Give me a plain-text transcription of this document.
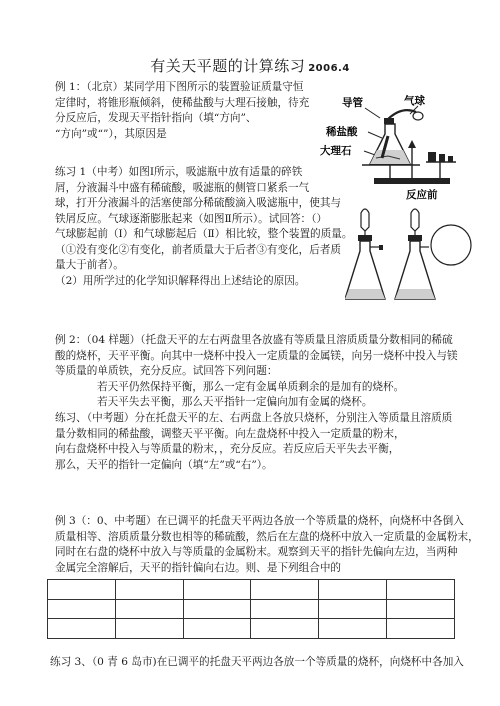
有关天平题的计算练习 2006.4
例 1：（北京）某同学用下图所示的装置验证质量守恒
定律时，将锥形瓶倾斜，使稀盐酸与大理石接触，待充
分反应后，发现天平指针指向（填“方向”、
“方向”或“”），其原因是
导管	气球
稀盐酸
大理石
反应前
练习 1（中考）如图Ⅰ所示，吸滤瓶中放有适量的碎铁
屑，分液漏斗中盛有稀硫酸，吸滤瓶的侧管口紧系一气
球，打开分液漏斗的活塞使部分稀硫酸滴入吸滤瓶中，使其与
铁屑反应。气球逐渐膨胀起来（如图Ⅱ所示）。试回答：（）
气球膨起前（Ⅰ）和气球膨起后（Ⅱ）相比较，整个装置的质量。
（①没有变化②有变化，前者质量大于后者③有变化，后者质
量大于前者）。
（2）用所学过的化学知识解释得出上述结论的原因。
例 2：（04 样题）（托盘天平的左右两盘里各放盛有等质量且溶质质量分数相同的稀硫
酸的烧杯，天平平衡。向其中一烧杯中投入一定质量的金属镁，向另一烧杯中投入与镁
等质量的单质铁，充分反应。试回答下列问题：
若天平仍然保持平衡，那么一定有金属单质剩余的是加有的烧杯。
若天平失去平衡，那么天平指针一定偏向加有金属的烧杯。
练习、（中考题）分在托盘天平的左、右两盘上各放只烧杯，分别注入等质量且溶质质
量分数相同的稀盐酸，调整天平平衡。向左盘烧杯中投入一定质量的粉末，
向右盘烧杯中投入与等质量的粉末，，充分反应。若反应后天平失去平衡，
那么，天平的指针一定偏向（填“左”或“右”）。
例 3（：0、中考题）在已调平的托盘天平两边各放一个等质量的烧杯，向烧杯中各倒入
质量相等、溶质质量分数也相等的稀硫酸，然后在左盘的烧杯中放入一定质量的金属粉末，
同时在右盘的烧杯中放入与等质量的金属粉末。观察到天平的指针先偏向左边，当两种
金属完全溶解后，天平的指针偏向右边。则、是下列组合中的

练习 3、（0 青 6 岛市)在已调平的托盘天平两边各放一个等质量的烧杯，向烧杯中各加入
